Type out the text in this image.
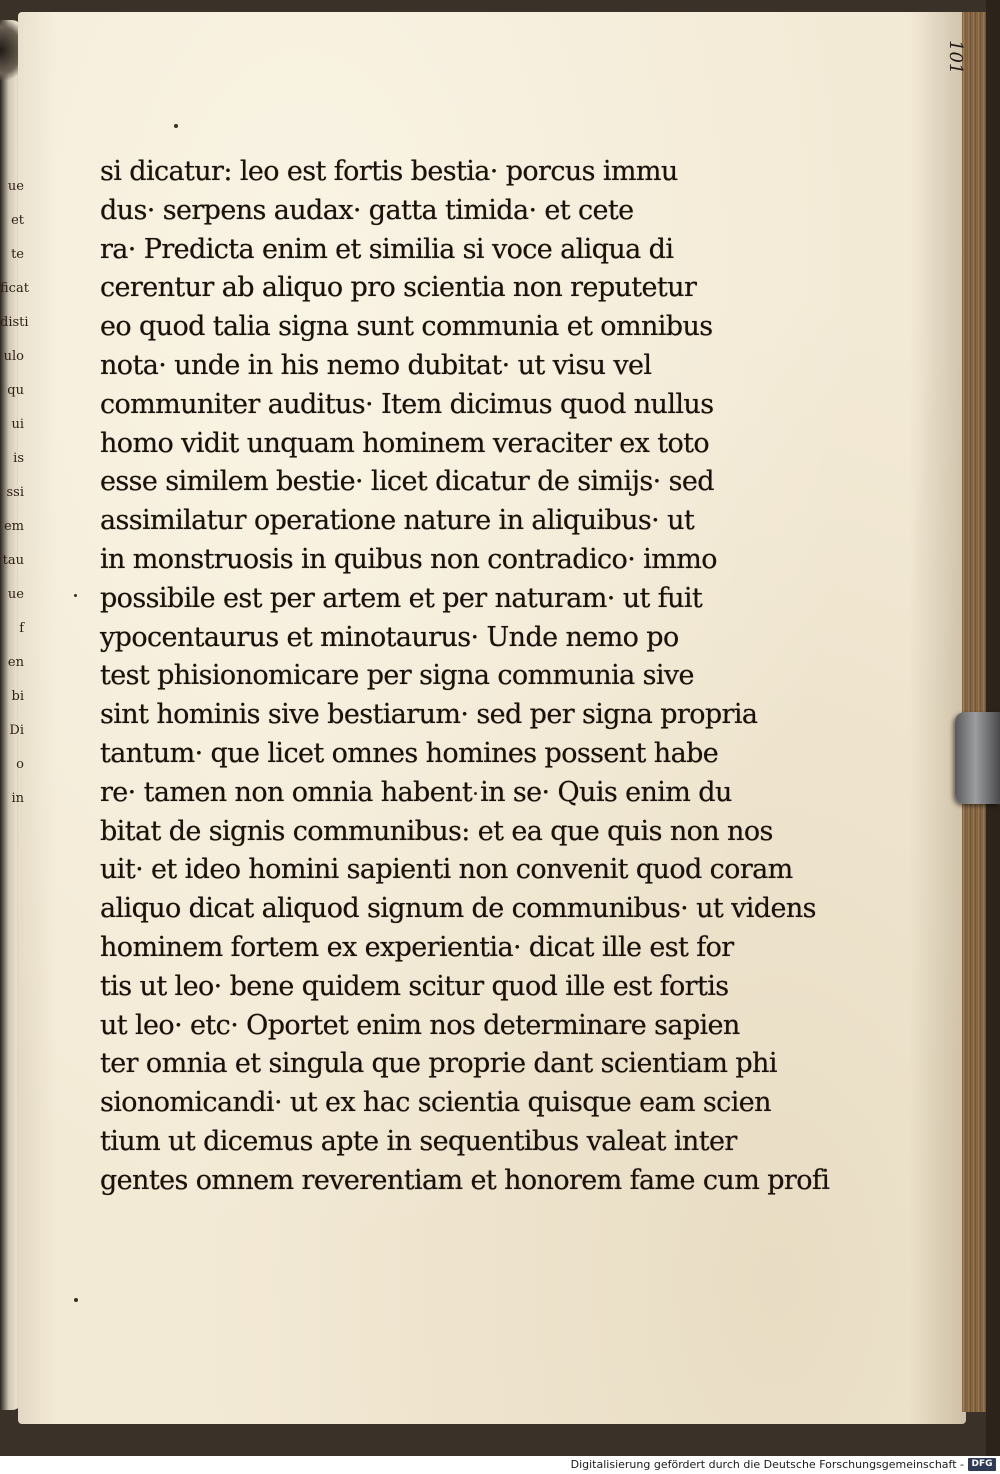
ue
et
te
ficat
disti
ulo
qu
ui
is
ssi
em
tau
ue
f
en
bi
Di
o
in
101
si dicatur: leo est fortis bestia· porcus immu
dus· serpens audax· gatta timida· et cete
ra· Predicta enim et similia si voce aliqua di
cerentur ab aliquo pro scientia non reputetur
eo quod talia signa sunt communia et omnibus
nota· unde in his nemo dubitat· ut visu vel
communiter auditus· Item dicimus quod nullus
homo vidit unquam hominem veraciter ex toto
esse similem bestie· licet dicatur de simijs· sed
assimilatur operatione nature in aliquibus· ut
in monstruosis in quibus non contradico· immo
possibile est per artem et per naturam· ut fuit
ypocentaurus et minotaurus· Unde nemo po
test phisionomicare per signa communia sive
sint hominis sive bestiarum· sed per signa propria
tantum· que licet omnes homines possent habe
re· tamen non omnia habent in se· Quis enim du
bitat de signis communibus: et ea que quis non nos
uit· et ideo homini sapienti non convenit quod coram
aliquo dicat aliquod signum de communibus· ut videns
hominem fortem ex experientia· dicat ille est for
tis ut leo· bene quidem scitur quod ille est fortis
ut leo· etc· Oportet enim nos determinare sapien
ter omnia et singula que proprie dant scientiam phi
sionomicandi· ut ex hac scientia quisque eam scien
tium ut dicemus apte in sequentibus valeat inter
gentes omnem reverentiam et honorem fame cum profi
Digitalisierung gefördert durch die Deutsche Forschungsgemeinschaft - DFG
